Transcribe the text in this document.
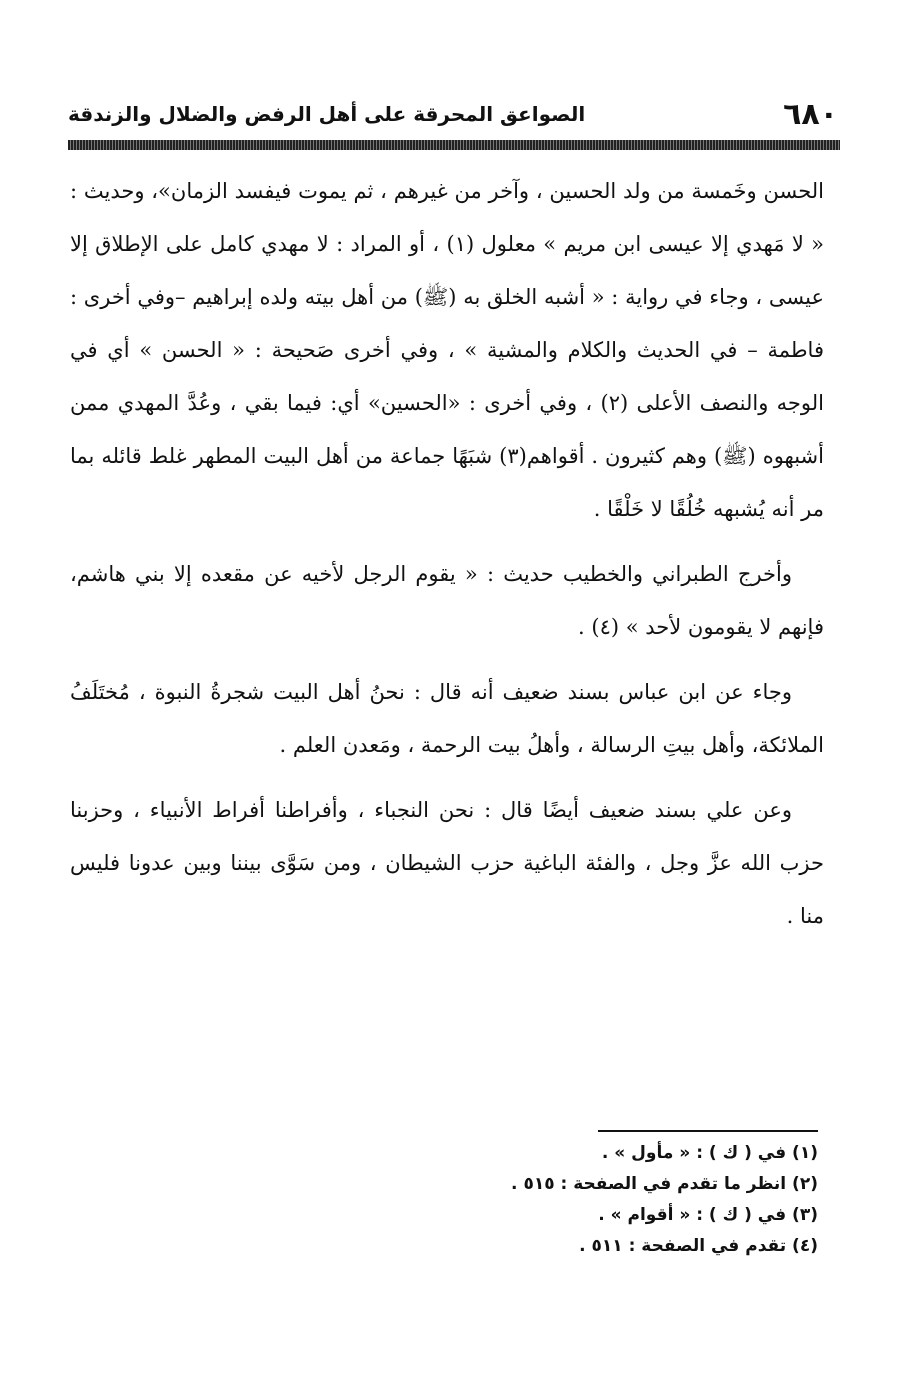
٦٨٠
الصواعق المحرقة على أهل الرفض والضلال والزندقة

الحسن وخَمسة من ولد الحسين ، وآخر من غيرهم ، ثم يموت فيفسد الزمان»، وحديث : « لا مَهدي إلا عيسى ابن مريم » معلول (١) ، أو المراد : لا مهدي كامل على الإطلاق إلا عيسى ، وجاء في رواية : « أشبه الخلق به (ﷺ) من أهل بيته ولده إبراهيم –وفي أخرى : فاطمة – في الحديث والكلام والمشية » ، وفي أخرى صَحيحة : « الحسن » أي في الوجه والنصف الأعلى (٢) ، وفي أخرى : «الحسين» أي: فيما بقي ، وعُدَّ المهدي ممن أشبهوه (ﷺ) وهم كثيرون . أقواهم(٣) شبَهًا جماعة من أهل البيت المطهر غلط قائله بما مر أنه يُشبهه خُلُقًا لا خَلْقًا .

وأخرج الطبراني والخطيب حديث : « يقوم الرجل لأخيه عن مقعده إلا بني هاشم، فإنهم لا يقومون لأحد » (٤) .

وجاء عن ابن عباس بسند ضعيف أنه قال : نحنُ أهل البيت شجرةُ النبوة ، مُختَلَفُ الملائكة، وأهل بيتِ الرسالة ، وأهلُ بيت الرحمة ، ومَعدن العلم .

وعن علي بسند ضعيف أيضًا قال : نحن النجباء ، وأفراطنا أفراط الأنبياء ، وحزبنا حزب الله عزَّ وجل ، والفئة الباغية حزب الشيطان ، ومن سَوَّى بيننا وبين عدونا فليس منا .

(١) في ( ك ) : « مأول » .

(٢) انظر ما تقدم في الصفحة : ٥١٥ .

(٣) في ( ك ) : « أقوام » .

(٤) تقدم في الصفحة : ٥١١ .
